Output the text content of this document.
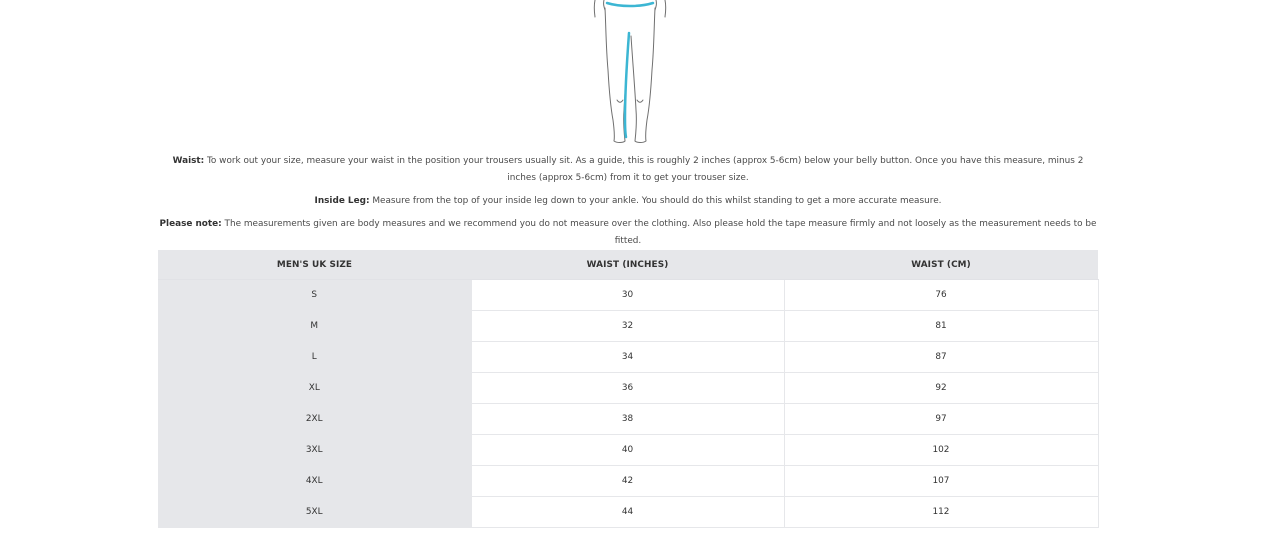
Waist: To work out your size, measure your waist in the position your trousers usually sit. As a guide, this is roughly 2 inches (approx 5-6cm) below your belly button. Once you have this measure, minus 2 inches (approx 5-6cm) from it to get your trouser size.

Inside Leg: Measure from the top of your inside leg down to your ankle. You should do this whilst standing to get a more accurate measure.

Please note: The measurements given are body measures and we recommend you do not measure over the clothing. Also please hold the tape measure firmly and not loosely as the measurement needs to be fitted.

MEN'S UK SIZE	WAIST (INCHES)	WAIST (CM)
S	30	76
M	32	81
L	34	87
XL	36	92
2XL	38	97
3XL	40	102
4XL	42	107
5XL	44	112
